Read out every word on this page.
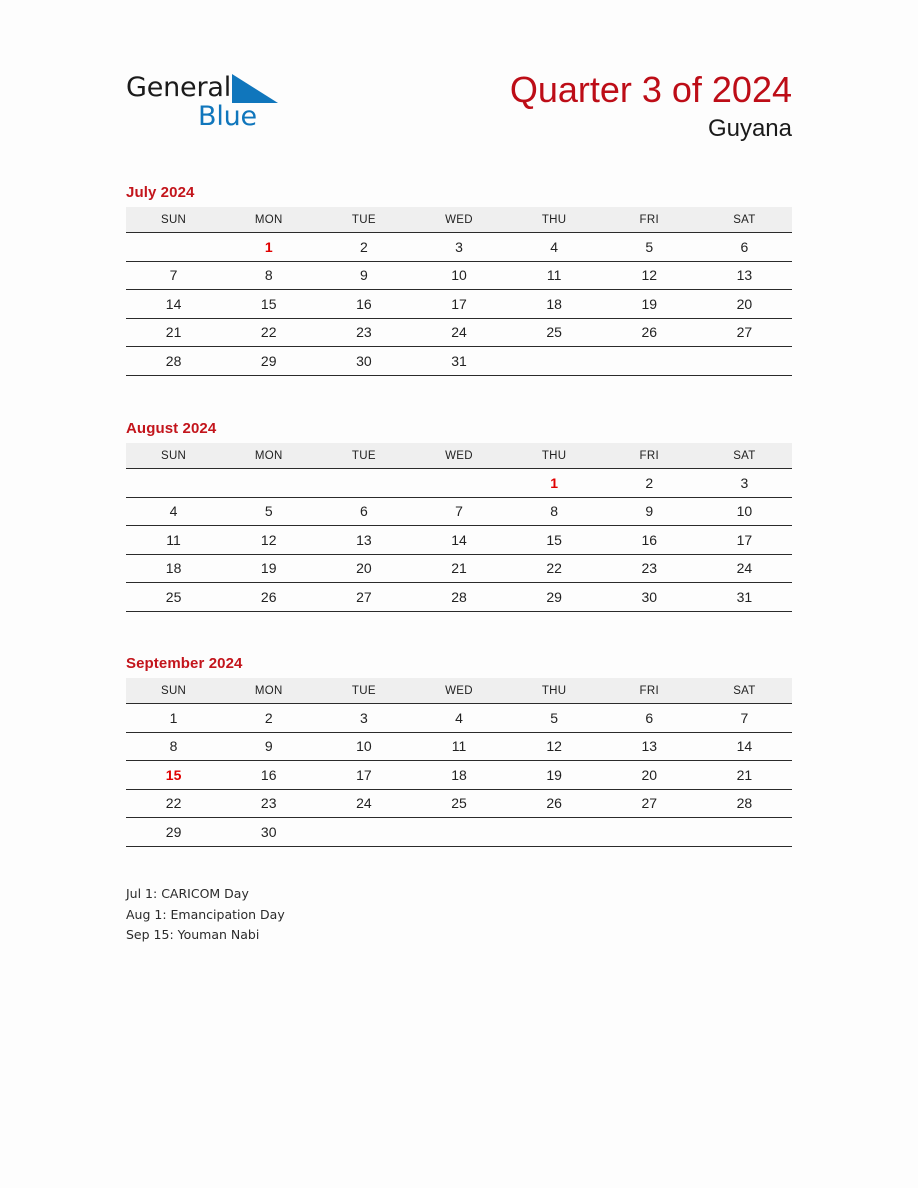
General
Blue
Quarter 3 of 2024
Guyana
July 2024
SUN	MON	TUE	WED	THU	FRI	SAT
	1	2	3	4	5	6
7	8	9	10	11	12	13
14	15	16	17	18	19	20
21	22	23	24	25	26	27
28	29	30	31			
August 2024
SUN	MON	TUE	WED	THU	FRI	SAT
				1	2	3
4	5	6	7	8	9	10
11	12	13	14	15	16	17
18	19	20	21	22	23	24
25	26	27	28	29	30	31
September 2024
SUN	MON	TUE	WED	THU	FRI	SAT
1	2	3	4	5	6	7
8	9	10	11	12	13	14
15	16	17	18	19	20	21
22	23	24	25	26	27	28
29	30					
Jul 1: CARICOM Day
Aug 1: Emancipation Day
Sep 15: Youman Nabi
